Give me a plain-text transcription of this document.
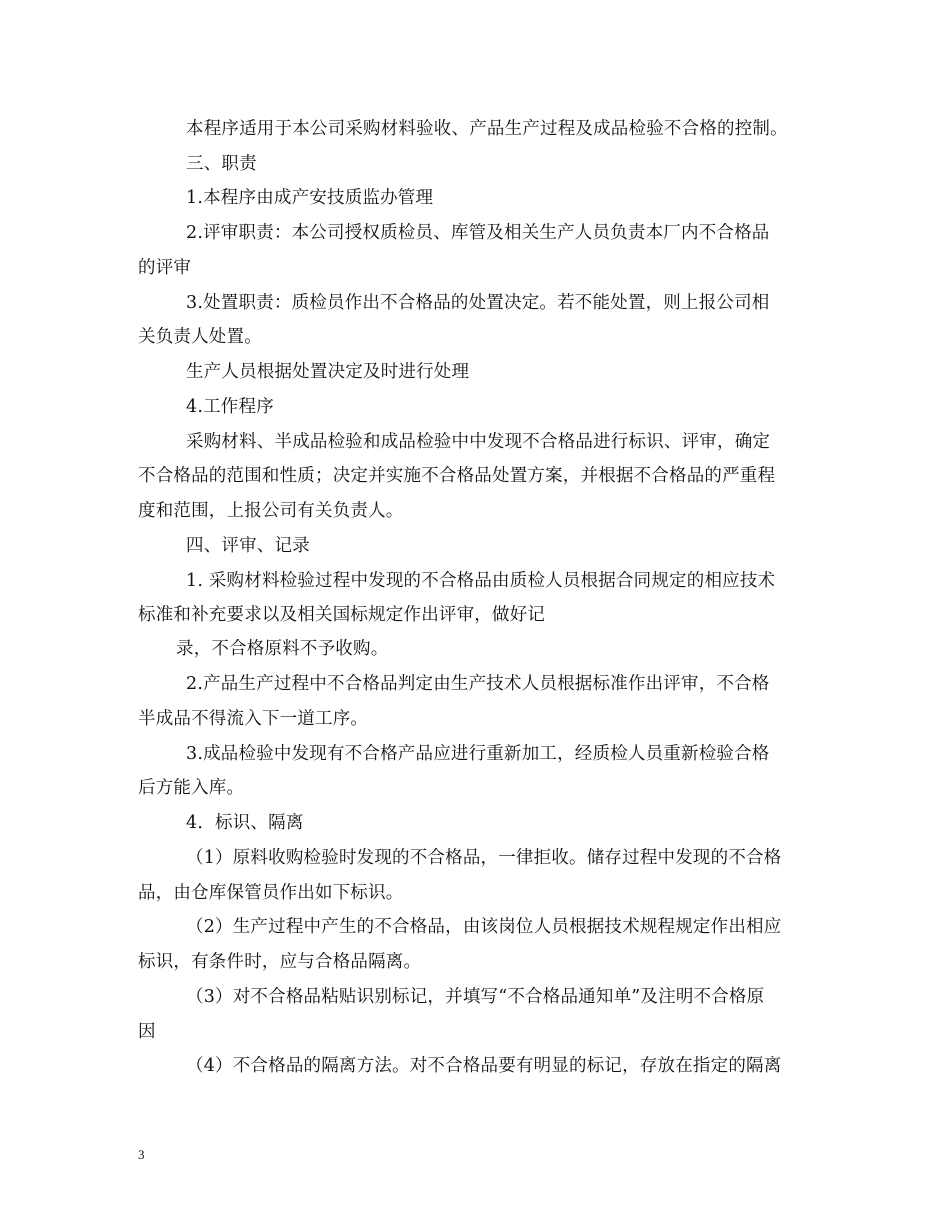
本程序适用于本公司采购材料验收、产品生产过程及成品检验不合格的控制。
三、职责
1.本程序由成产安技质监办管理
2.评审职责：本公司授权质检员、库管及相关生产人员负责本厂内不合格品
的评审
3.处置职责：质检员作出不合格品的处置决定。若不能处置，则上报公司相
关负责人处置。
生产人员根据处置决定及时进行处理
4.工作程序
采购材料、半成品检验和成品检验中中发现不合格品进行标识、评审，确定
不合格品的范围和性质；决定并实施不合格品处置方案，并根据不合格品的严重程
度和范围，上报公司有关负责人。
四、评审、记录
1. 采购材料检验过程中发现的不合格品由质检人员根据合同规定的相应技术
标准和补充要求以及相关国标规定作出评审，做好记
录，不合格原料不予收购。
2.产品生产过程中不合格品判定由生产技术人员根据标准作出评审，不合格
半成品不得流入下一道工序。
3.成品检验中发现有不合格产品应进行重新加工，经质检人员重新检验合格
后方能入库。
4．标识、隔离
（1）原料收购检验时发现的不合格品，一律拒收。储存过程中发现的不合格
品，由仓库保管员作出如下标识。
（2）生产过程中产生的不合格品，由该岗位人员根据技术规程规定作出相应
标识，有条件时，应与合格品隔离。
（3）对不合格品粘贴识别标记，并填写“不合格品通知单”及注明不合格原
因
（4）不合格品的隔离方法。对不合格品要有明显的标记，存放在指定的隔离
3
